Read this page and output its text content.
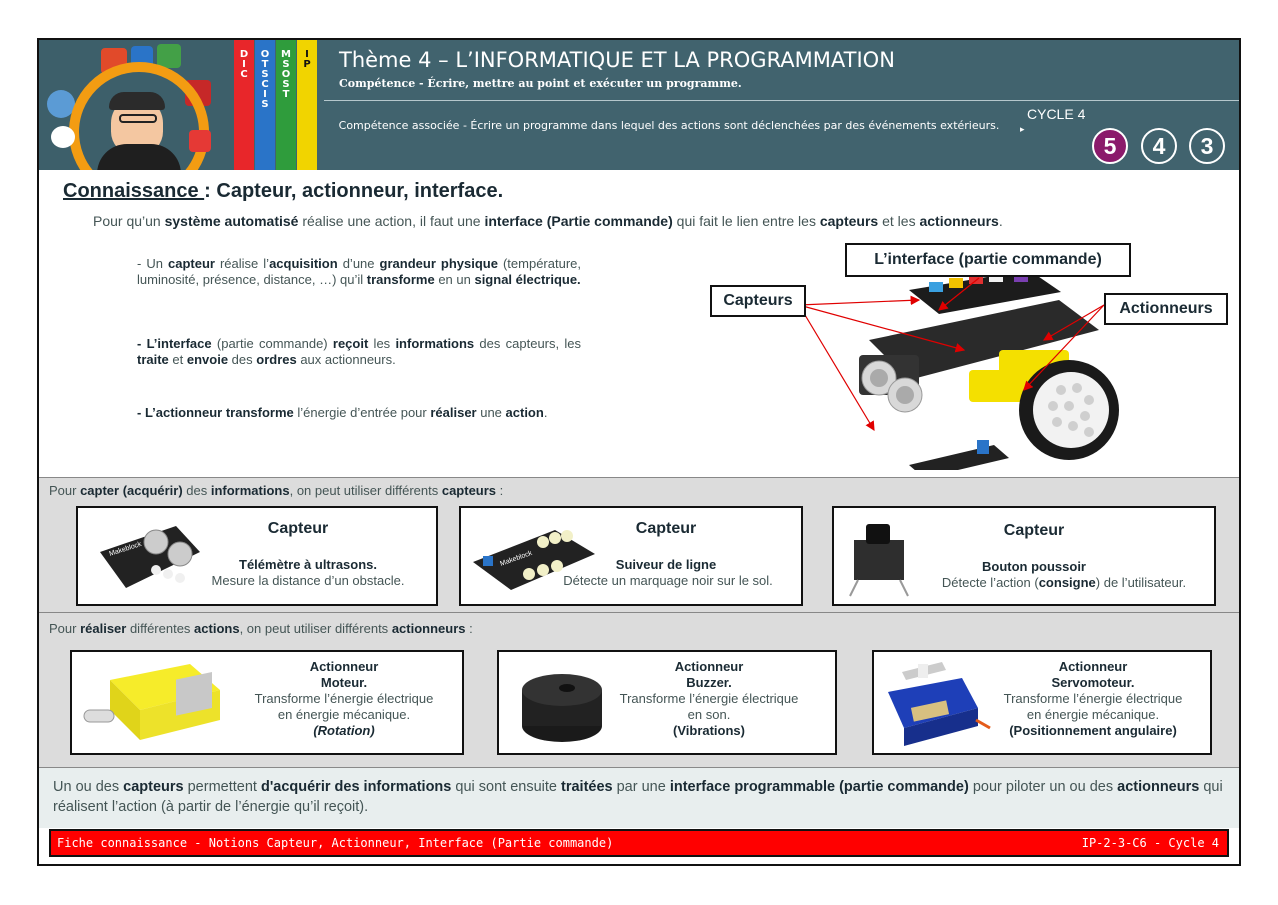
D
I
C
O
T
S
C
I
S
M
S
O
S
T
I
P	Thème 4 – L’INFORMATIQUE ET LA PROGRAMMATION
Compétence - Écrire, mettre au point et exécuter un programme.
Compétence associée - Écrire un programme dans lequel des actions sont déclenchées par des événements extérieurs.
CYCLE 4
▸
5	4	3
Connaissance : Capteur, actionneur, interface.
Pour qu’un système automatisé réalise une action, il faut une interface (Partie commande) qui fait le lien entre les capteurs et les actionneurs.
- Un capteur réalise l’acquisition d’une grandeur physique (température, luminosité, présence, distance, …) qu’il transforme en un signal électrique.
- L’interface (partie commande) reçoit les informations des capteurs, les traite et envoie des ordres aux actionneurs.
- L’actionneur transforme l’énergie d’entrée pour réaliser une action.
L’interface (partie commande)
Capteurs	Actionneurs
Pour capter (acquérir) des informations, on peut utiliser différents capteurs :
Makeblock
Capteur
Télémètre à ultrasons.
Mesure la distance d’un obstacle.
Makeblock
Capteur
Suiveur de ligne
Détecte un marquage noir sur le sol.
Capteur
Bouton poussoir
Détecte l’action (consigne) de l’utilisateur.
Pour réaliser différentes actions, on peut utiliser différents actionneurs :
Actionneur
Moteur.
Transforme l’énergie électrique
en énergie mécanique.
(Rotation)
Actionneur
Buzzer.
Transforme l’énergie électrique
en son.
(Vibrations)
Actionneur
Servomoteur.
Transforme l’énergie électrique
en énergie mécanique.
(Positionnement angulaire)

Un ou des capteurs permettent d'acquérir des informations qui sont ensuite traitées par une interface programmable (partie commande) pour piloter un ou des actionneurs qui réalisent l’action (à partir de l’énergie qu’il reçoit).

Fiche connaissance - Notions Capteur, Actionneur, Interface (Partie commande)	IP-2-3-C6 - Cycle 4
